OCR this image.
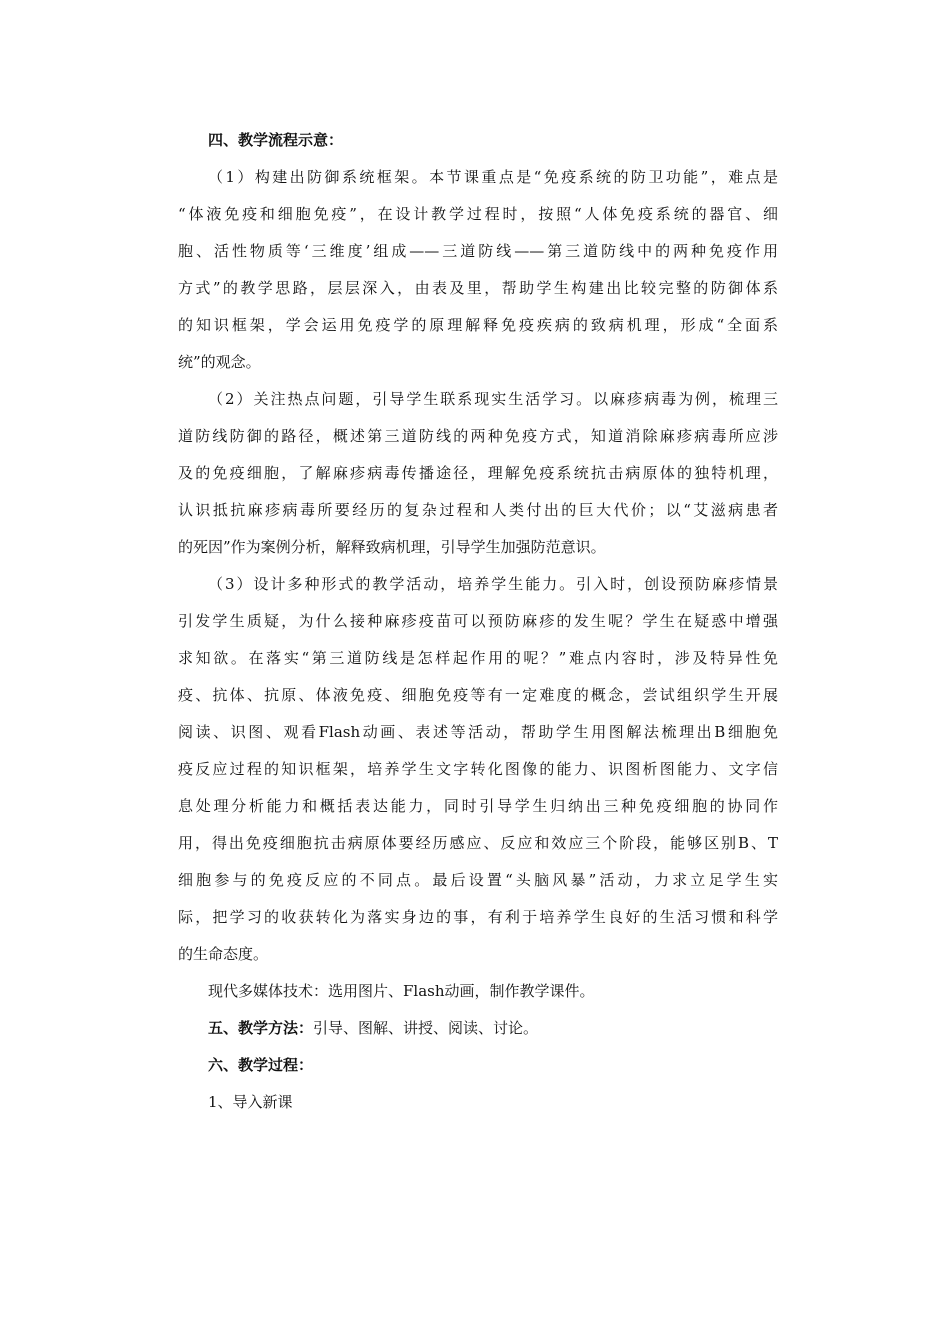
四、教学流程示意：

（1）构建出防御系统框架。本节课重点是“免疫系统的防卫功能”，难点是
“体液免疫和细胞免疫”，在设计教学过程时，按照“人体免疫系统的器官、细
胞、活性物质等‘三维度’组成——三道防线——第三道防线中的两种免疫作用
方式”的教学思路，层层深入，由表及里，帮助学生构建出比较完整的防御体系
的知识框架，学会运用免疫学的原理解释免疫疾病的致病机理，形成“全面系
统”的观念。
（2）关注热点问题，引导学生联系现实生活学习。以麻疹病毒为例，梳理三
道防线防御的路径，概述第三道防线的两种免疫方式，知道消除麻疹病毒所应涉
及的免疫细胞，了解麻疹病毒传播途径，理解免疫系统抗击病原体的独特机理，
认识抵抗麻疹病毒所要经历的复杂过程和人类付出的巨大代价；以“艾滋病患者
的死因”作为案例分析，解释致病机理，引导学生加强防范意识。
（3）设计多种形式的教学活动，培养学生能力。引入时，创设预防麻疹情景
引发学生质疑，为什么接种麻疹疫苗可以预防麻疹的发生呢？学生在疑惑中增强
求知欲。在落实“第三道防线是怎样起作用的呢？”难点内容时，涉及特异性免
疫、抗体、抗原、体液免疫、细胞免疫等有一定难度的概念，尝试组织学生开展
阅读、识图、观看Flash动画、表述等活动，帮助学生用图解法梳理出B细胞免
疫反应过程的知识框架，培养学生文字转化图像的能力、识图析图能力、文字信
息处理分析能力和概括表达能力，同时引导学生归纳出三种免疫细胞的协同作
用，得出免疫细胞抗击病原体要经历感应、反应和效应三个阶段，能够区别B、T
细胞参与的免疫反应的不同点。最后设置“头脑风暴”活动，力求立足学生实
际，把学习的收获转化为落实身边的事，有利于培养学生良好的生活习惯和科学
的生命态度。

现代多媒体技术：选用图片、Flash动画，制作教学课件。

五、教学方法：引导、图解、讲授、阅读、讨论。

六、教学过程：

1、导入新课
